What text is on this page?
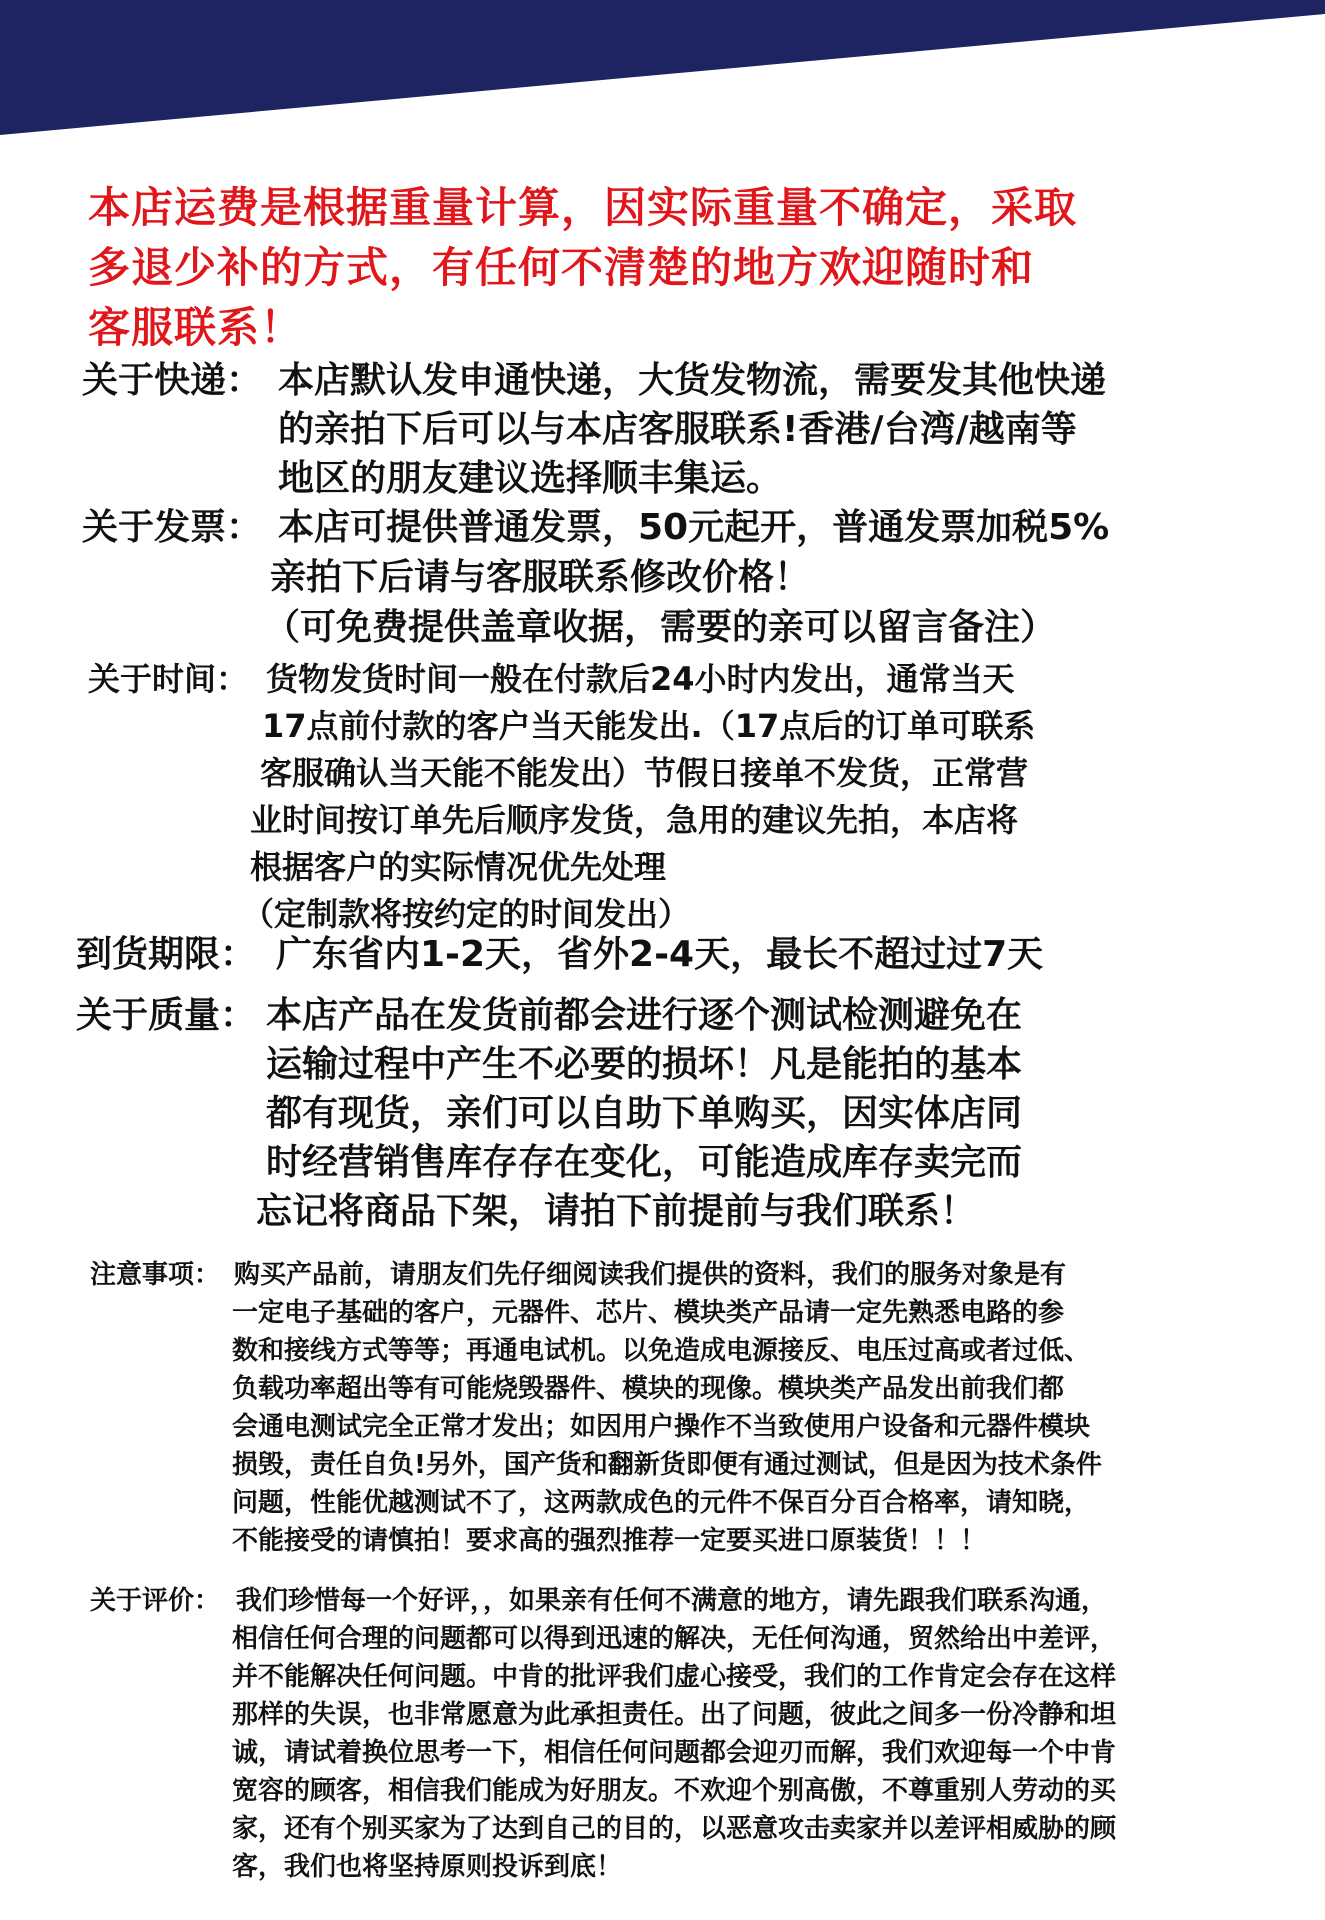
本店运费是根据重量计算，因实际重量不确定，采取
多退少补的方式，有任何不清楚的地方欢迎随时和
客服联系！
关于快递： 本店默认发申通快递，大货发物流，需要发其他快递
的亲拍下后可以与本店客服联系!香港/台湾/越南等
地区的朋友建议选择顺丰集运。
关于发票： 本店可提供普通发票，50元起开，普通发票加税5%
亲拍下后请与客服联系修改价格！
（可免费提供盖章收据，需要的亲可以留言备注）
关于时间： 货物发货时间一般在付款后24小时内发出，通常当天
17点前付款的客户当天能发出.（17点后的订单可联系
客服确认当天能不能发出）节假日接单不发货，正常营
业时间按订单先后顺序发货，急用的建议先拍，本店将
根据客户的实际情况优先处理
（定制款将按约定的时间发出）
到货期限： 广东省内1-2天，省外2-4天，最长不超过过7天
关于质量： 本店产品在发货前都会进行逐个测试检测避免在
运输过程中产生不必要的损坏！凡是能拍的基本
都有现货，亲们可以自助下单购买，因实体店同
时经营销售库存存在变化，可能造成库存卖完而
忘记将商品下架，请拍下前提前与我们联系！
注意事项： 购买产品前，请朋友们先仔细阅读我们提供的资料，我们的服务对象是有
一定电子基础的客户，元器件、芯片、模块类产品请一定先熟悉电路的参
数和接线方式等等；再通电试机。以免造成电源接反、电压过高或者过低、
负载功率超出等有可能烧毁器件、模块的现像。模块类产品发出前我们都
会通电测试完全正常才发出；如因用户操作不当致使用户设备和元器件模块
损毁，责任自负!另外，国产货和翻新货即便有通过测试，但是因为技术条件
问题，性能优越测试不了，这两款成色的元件不保百分百合格率，请知晓，
不能接受的请慎拍！要求高的强烈推荐一定要买进口原装货！！！
关于评价： 我们珍惜每一个好评，，如果亲有任何不满意的地方，请先跟我们联系沟通，
相信任何合理的问题都可以得到迅速的解决，无任何沟通，贸然给出中差评，
并不能解决任何问题。中肯的批评我们虚心接受，我们的工作肯定会存在这样
那样的失误，也非常愿意为此承担责任。出了问题，彼此之间多一份冷静和坦
诚，请试着换位思考一下，相信任何问题都会迎刃而解，我们欢迎每一个中肯
宽容的顾客，相信我们能成为好朋友。不欢迎个别高傲，不尊重别人劳动的买
家，还有个别买家为了达到自己的目的，以恶意攻击卖家并以差评相威胁的顾
客，我们也将坚持原则投诉到底！
